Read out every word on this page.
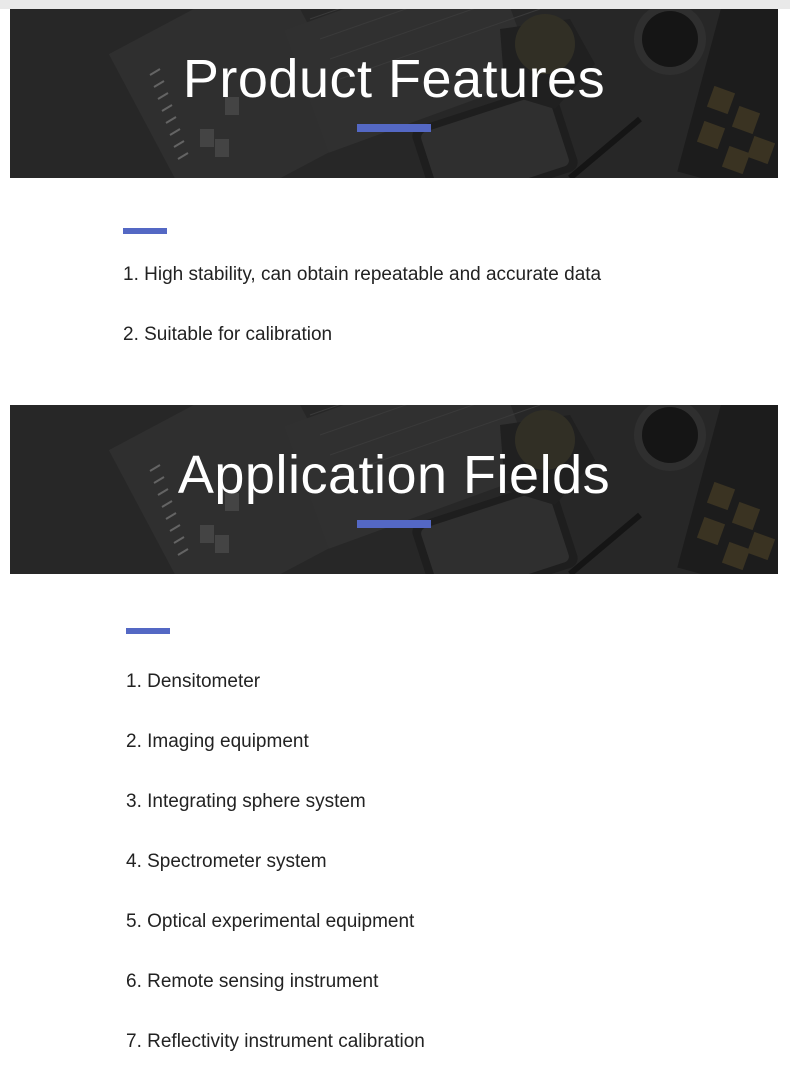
Product Features
1. High stability, can obtain repeatable and accurate data
2. Suitable for calibration
Application Fields
1. Densitometer
2. Imaging equipment
3. Integrating sphere system
4. Spectrometer system
5. Optical experimental equipment
6. Remote sensing instrument
7. Reflectivity instrument calibration
